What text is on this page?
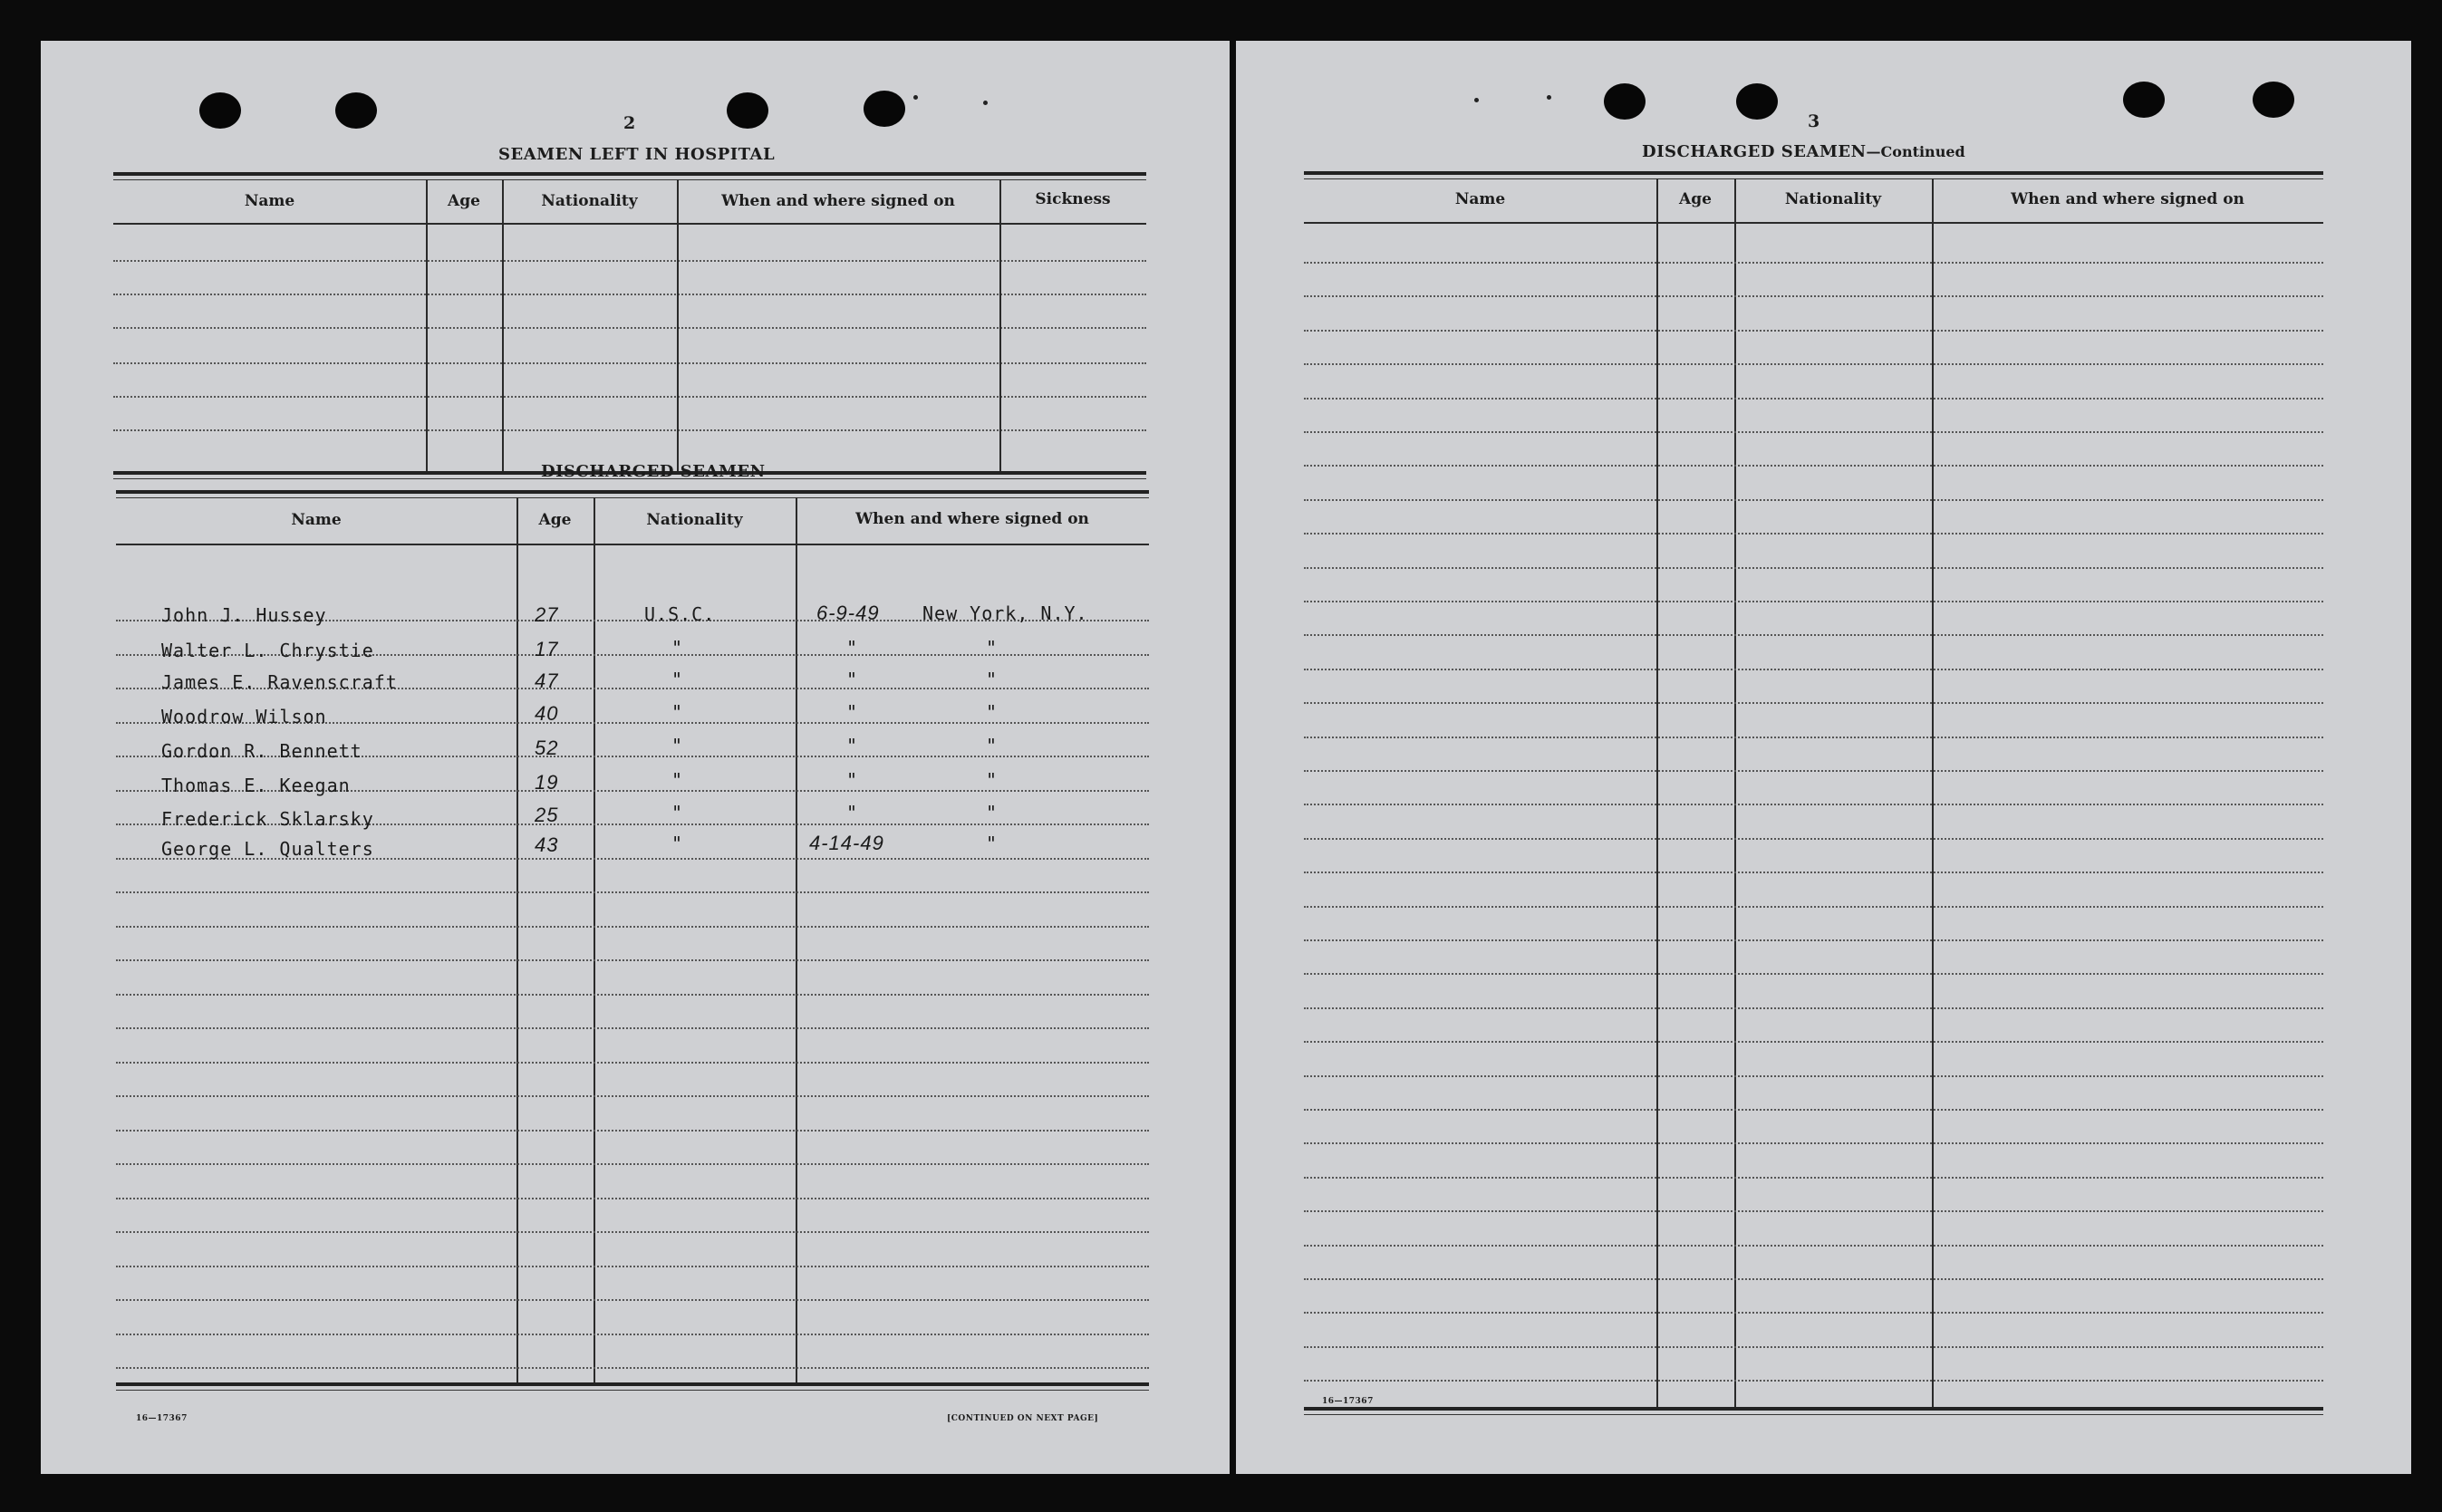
2
SEAMEN LEFT IN HOSPITAL
Name	Age	Nationality	When and where signed on	Sickness
DISCHARGED SEAMEN
Name	Age	Nationality	When and where signed on
John J. Hussey	27	U.S.C.	6-9-49 New York, N.Y.
Walter L. Chrystie	17	"	"	"
James E. Ravenscraft	47	"	"	"
Woodrow Wilson	40	"	"	"
Gordon R. Bennett	52	"	"	"
Thomas E. Keegan	19	"	"	"
Frederick Sklarsky	25	"	"	"
George L. Qualters	43	"	4-14-49	"
16—17367	[CONTINUED ON NEXT PAGE]
3
DISCHARGED SEAMEN—Continued
Name	Age	Nationality	When and where signed on
16—17367
